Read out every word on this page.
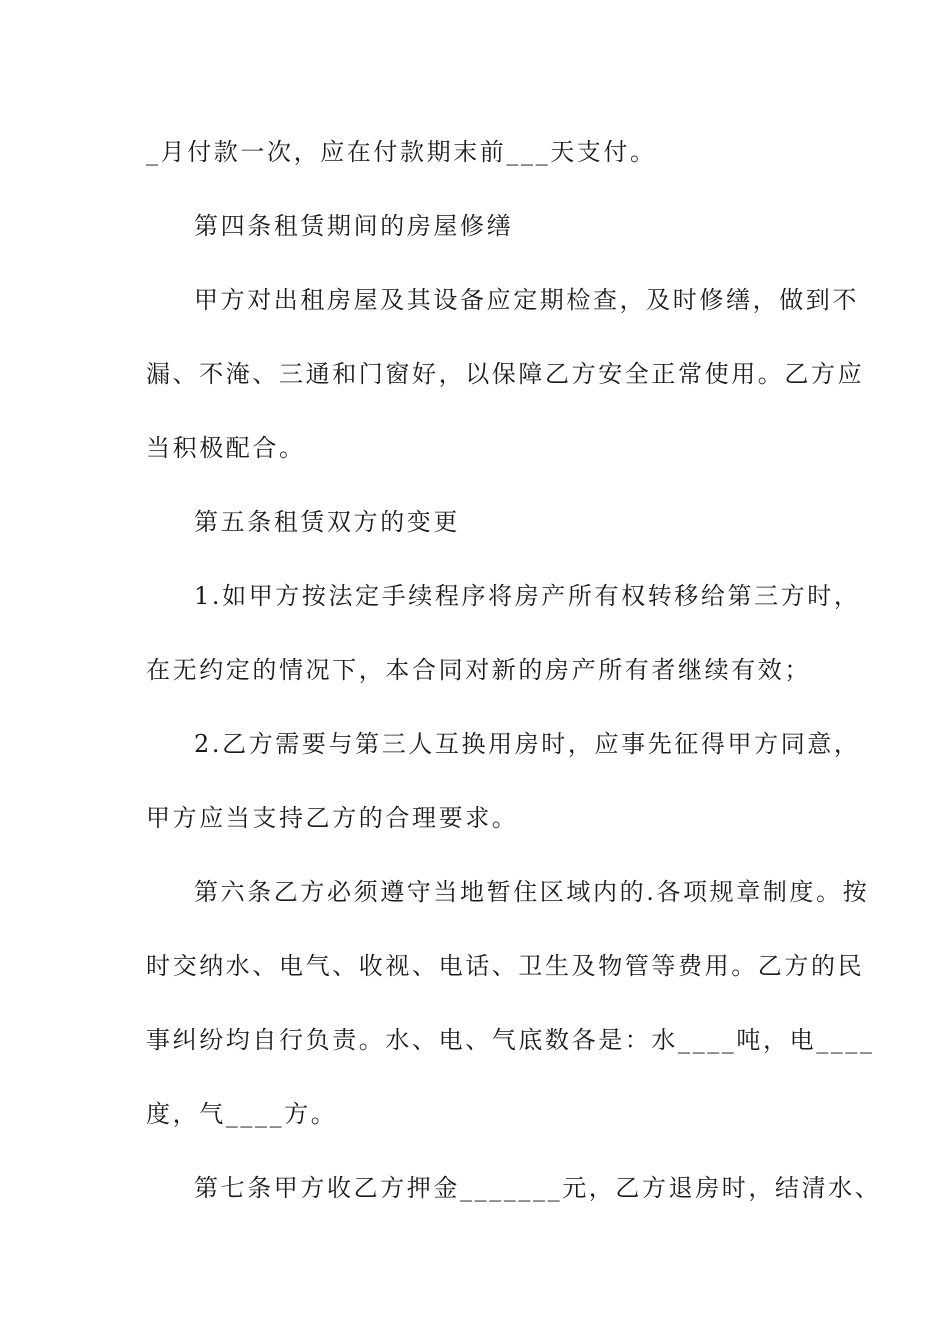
_月付款一次，应在付款期末前___天支付。

第四条租赁期间的房屋修缮

甲方对出租房屋及其设备应定期检查，及时修缮，做到不

漏、不淹、三通和门窗好，以保障乙方安全正常使用。乙方应

当积极配合。

第五条租赁双方的变更

1.如甲方按法定手续程序将房产所有权转移给第三方时，

在无约定的情况下，本合同对新的房产所有者继续有效；

2.乙方需要与第三人互换用房时，应事先征得甲方同意，

甲方应当支持乙方的合理要求。

第六条乙方必须遵守当地暂住区域内的.各项规章制度。按

时交纳水、电气、收视、电话、卫生及物管等费用。乙方的民

事纠纷均自行负责。水、电、气底数各是：水____吨，电____

度，气____方。

第七条甲方收乙方押金_______元，乙方退房时，结清水、
